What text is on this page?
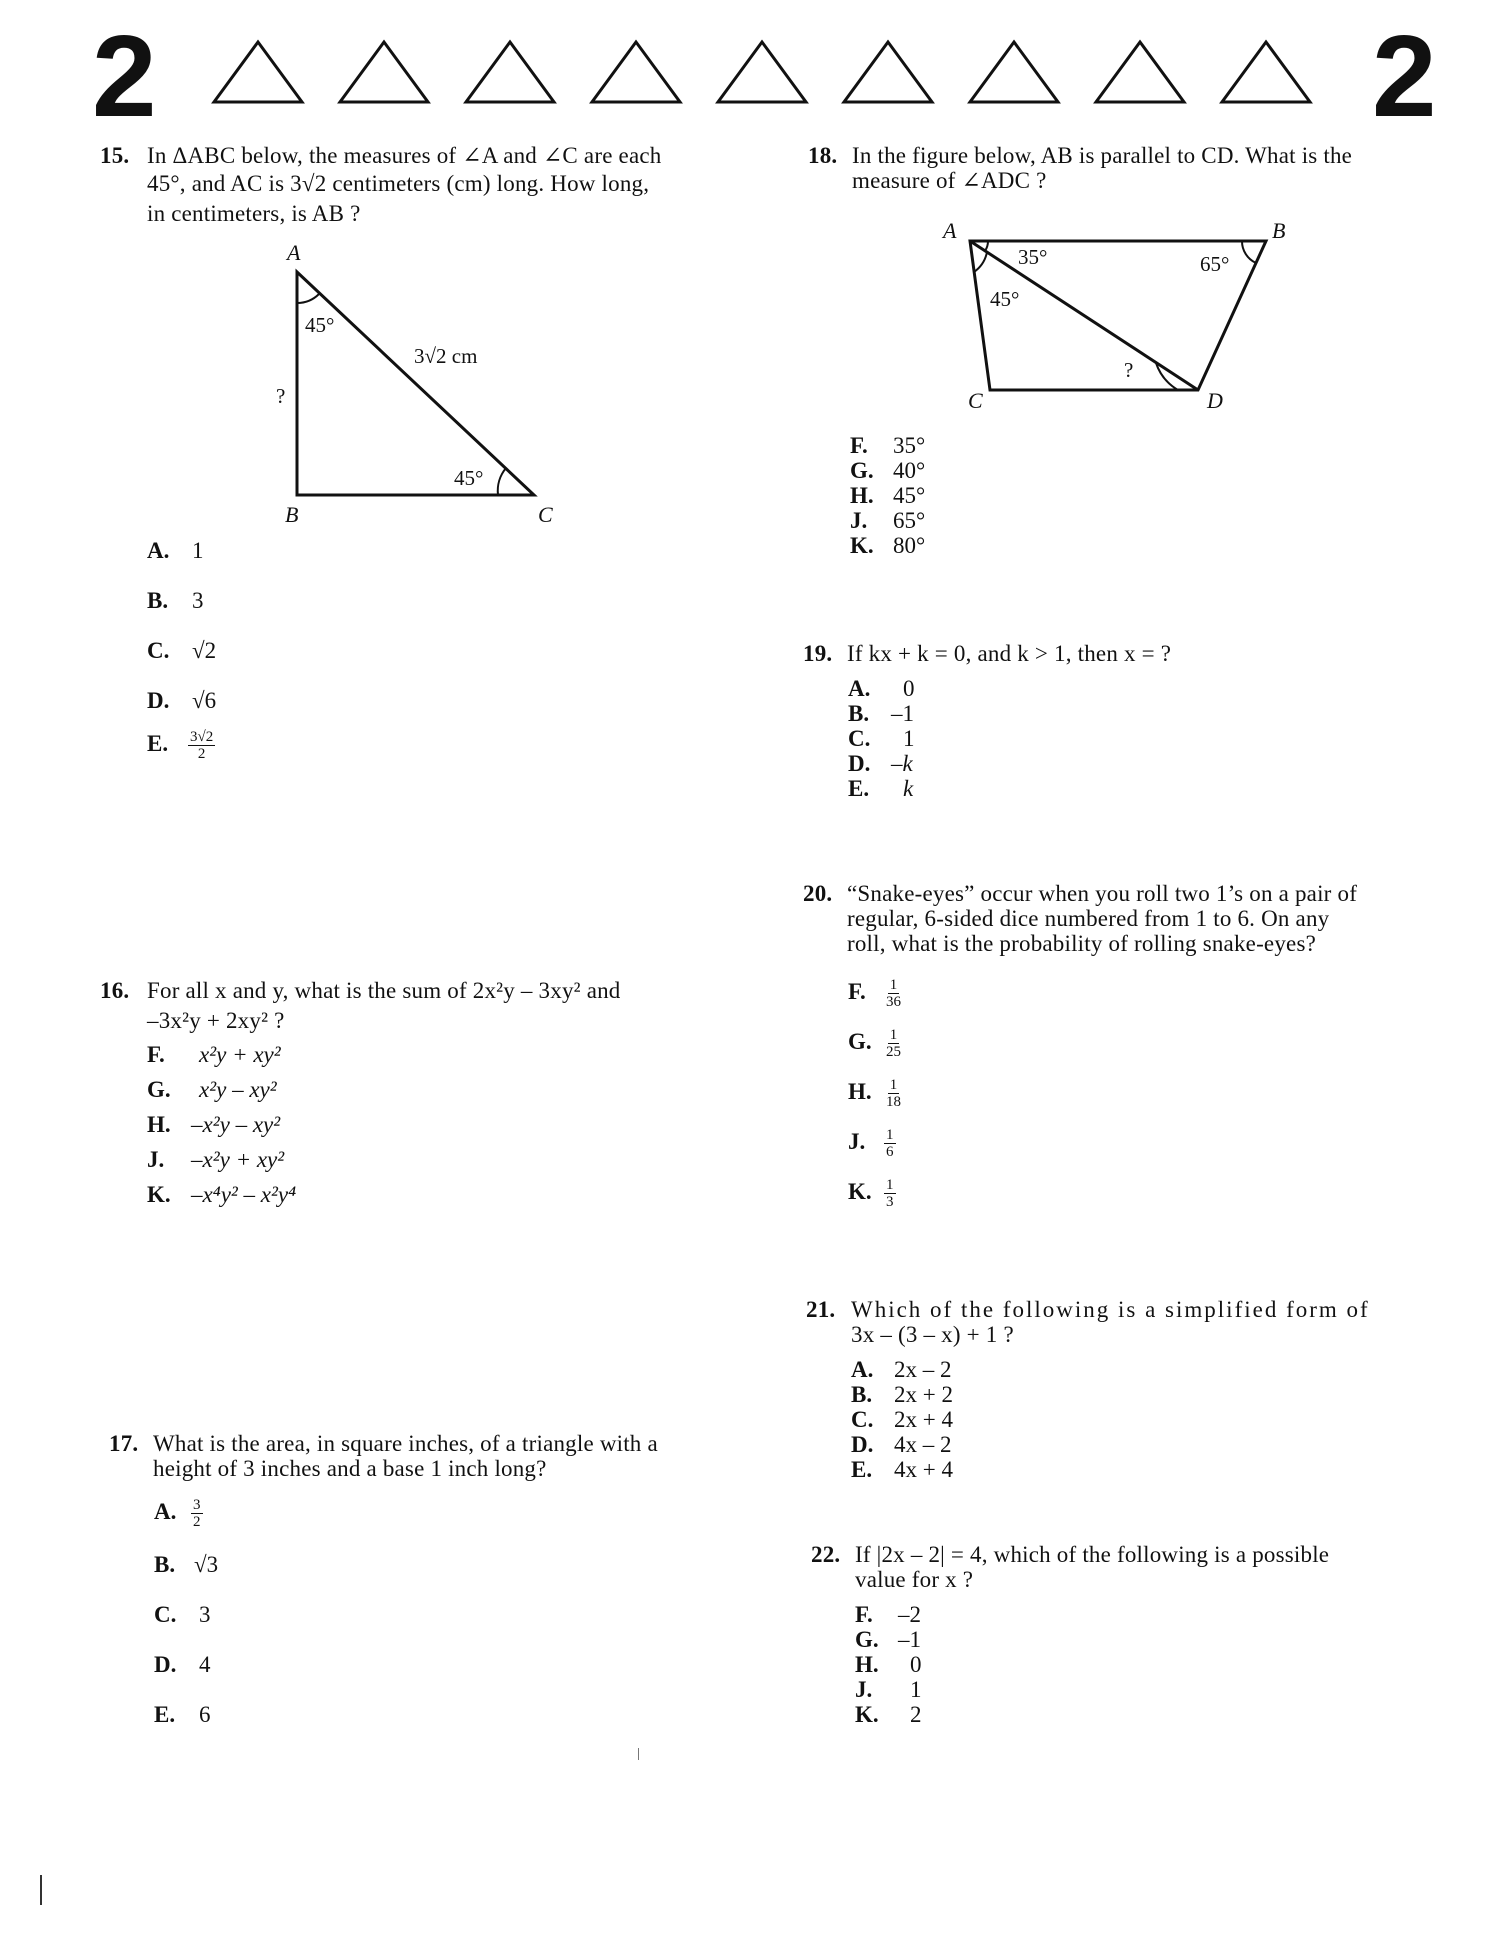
2	2
15. In ΔABC below, the measures of ∠A and ∠C are each
45°, and AC is 3√2 centimeters (cm) long. How long,
in centimeters, is AB ?
A
B	C
45°
45°
3√2 cm
?
A. 1
B. 3
C. √2
D. √6
E. $\frac{3√2}{2}$
16. For all x and y, what is the sum of 2x²y – 3xy² and
–3x²y + 2xy² ?
F. x²y + xy²
G. x²y – xy²
H. –x²y – xy²
J. –x²y + xy²
K. –x⁴y² – x²y⁴
17. What is the area, in square inches, of a triangle with a
height of 3 inches and a base 1 inch long?
A. $\frac{3}{2}$
B. √3
C. 3
D. 4
E. 6
18. In the figure below, AB is parallel to CD. What is the
measure of ∠ADC ?
A	B
C	D
35°
45°
65°
?
F. 35°
G. 40°
H. 45°
J. 65°
K. 80°
19. If kx + k = 0, and k > 1, then x = ?
A. 0
B. –1
C. 1
D. –k
E. k
20. “Snake-eyes” occur when you roll two 1’s on a pair of
regular, 6-sided dice numbered from 1 to 6. On any
roll, what is the probability of rolling snake-eyes?
F. $\frac{1}{36}$
G. $\frac{1}{25}$
H. $\frac{1}{18}$
J. $\frac{1}{6}$
K. $\frac{1}{3}$
21. Which of the following is a simplified form of
3x – (3 – x) + 1 ?
A. 2x – 2
B. 2x + 2
C. 2x + 4
D. 4x – 2
E. 4x + 4
22. If |2x – 2| = 4, which of the following is a possible
value for x ?
F. –2
G. –1
H. 0
J. 1
K. 2
